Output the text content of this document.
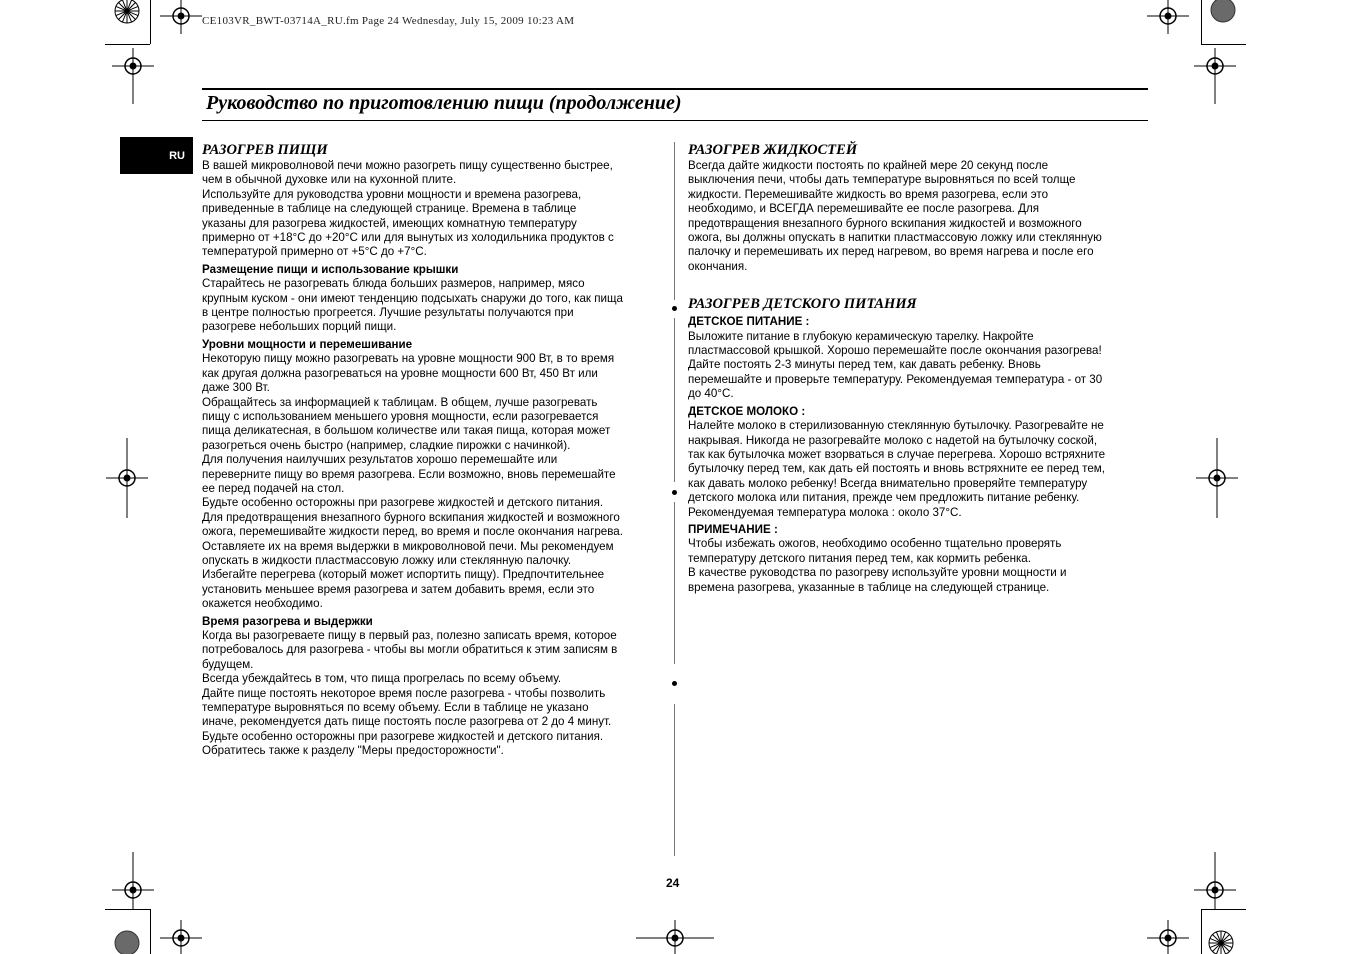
CE103VR_BWT-03714A_RU.fm Page 24 Wednesday, July 15, 2009 10:23 AM
Руководство по приготовлению пищи (продолжение)
RU РАЗОГРЕВ ПИЩИ
В вашей микроволновой печи можно разогреть пищу существенно быстрее,
чем в обычной духовке или на кухонной плите.
Используйте для руководства уровни мощности и времена разогрева,
приведенные в таблице на следующей странице. Времена в таблице
указаны для разогрева жидкостей, имеющих комнатную температуру
примерно от +18°C до +20°C или для вынутых из холодильника продуктов с
температурой примерно от +5°C до +7°C.
Размещение пищи и использование крышки
Старайтесь не разогревать блюда больших размеров, например, мясо
крупным куском - они имеют тенденцию подсыхать снаружи до того, как пища
в центре полностью прогреется. Лучшие результаты получаются при
разогреве небольших порций пищи.
Уровни мощности и перемешивание
Некоторую пищу можно разогревать на уровне мощности 900 Вт, в то время
как другая должна разогреваться на уровне мощности 600 Вт, 450 Вт или
даже 300 Вт.
Обращайтесь за информацией к таблицам. В общем, лучше разогревать
пищу с использованием меньшего уровня мощности, если разогревается
пища деликатесная, в большом количестве или такая пища, которая может
разогреться очень быстро (например, сладкие пирожки с начинкой).
Для получения наилучших результатов хорошо перемешайте или
переверните пищу во время разогрева. Если возможно, вновь перемешайте
ее перед подачей на стол.
Будьте особенно осторожны при разогреве жидкостей и детского питания.
Для предотвращения внезапного бурного вскипания жидкостей и возможного
ожога, перемешивайте жидкости перед, во время и после окончания нагрева.
Оставляете их на время выдержки в микроволновой печи. Мы рекомендуем
опускать в жидкости пластмассовую ложку или стеклянную палочку.
Избегайте перегрева (который может испортить пищу). Предпочтительнее
установить меньшее время разогрева и затем добавить время, если это
окажется необходимо.
Время разогрева и выдержки
Когда вы разогреваете пищу в первый раз, полезно записать время, которое
потребовалось для разогрева - чтобы вы могли обратиться к этим записям в
будущем.
Всегда убеждайтесь в том, что пища прогрелась по всему объему.
Дайте пище постоять некоторое время после разогрева - чтобы позволить
температуре выровняться по всему объему. Если в таблице не указано
иначе, рекомендуется дать пище постоять после разогрева от 2 до 4 минут.
Будьте особенно осторожны при разогреве жидкостей и детского питания.
Обратитесь также к разделу "Меры предосторожности".
РАЗОГРЕВ ЖИДКОСТЕЙ
Всегда дайте жидкости постоять по крайней мере 20 секунд после
выключения печи, чтобы дать температуре выровняться по всей толще
жидкости. Перемешивайте жидкость во время разогрева, если это
необходимо, и ВСЕГДА перемешивайте ее после разогрева. Для
предотвращения внезапного бурного вскипания жидкостей и возможного
ожога, вы должны опускать в напитки пластмассовую ложку или стеклянную
палочку и перемешивать их перед нагревом, во время нагрева и после его
окончания.
РАЗОГРЕВ ДЕТСКОГО ПИТАНИЯ
ДЕТСКОЕ ПИТАНИЕ :
Выложите питание в глубокую керамическую тарелку. Накройте
пластмассовой крышкой. Хорошо перемешайте после окончания разогрева!
Дайте постоять 2-3 минуты перед тем, как давать ребенку. Вновь
перемешайте и проверьте температуру. Рекомендуемая температура - от 30
до 40°C.
ДЕТСКОЕ МОЛОКО :
Налейте молоко в стерилизованную стеклянную бутылочку. Разогревайте не
накрывая. Никогда не разогревайте молоко с надетой на бутылочку соской,
так как бутылочка может взорваться в случае перегрева. Хорошо встряхните
бутылочку перед тем, как дать ей постоять и вновь встряхните ее перед тем,
как давать молоко ребенку! Всегда внимательно проверяйте температуру
детского молока или питания, прежде чем предложить питание ребенку.
Рекомендуемая температура молока : около 37°C.
ПРИМЕЧАНИЕ :
Чтобы избежать ожогов, необходимо особенно тщательно проверять
температуру детского питания перед тем, как кормить ребенка.
В качестве руководства по разогреву используйте уровни мощности и
времена разогрева, указанные в таблице на следующей странице.
24
